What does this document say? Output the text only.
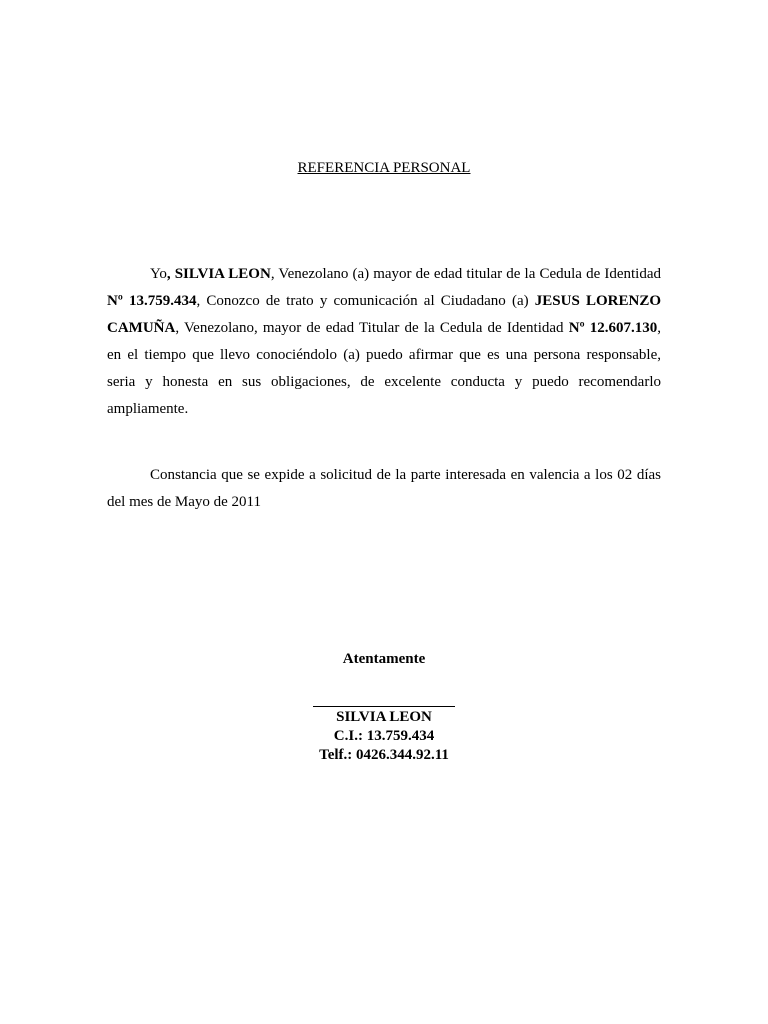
REFERENCIA PERSONAL

Yo, SILVIA LEON, Venezolano (a) mayor de edad titular de la Cedula de Identidad Nº 13.759.434, Conozco de trato y comunicación al Ciudadano (a) JESUS LORENZO CAMUÑA, Venezolano, mayor de edad Titular de la Cedula de Identidad Nº 12.607.130, en el tiempo que llevo conociéndolo (a) puedo afirmar que es una persona responsable, seria y honesta en sus obligaciones, de excelente conducta y puedo recomendarlo ampliamente.

Constancia que se expide a solicitud de la parte interesada en valencia a los 02 días del mes de Mayo de 2011

Atentamente
SILVIA LEON
C.I.: 13.759.434
Telf.: 0426.344.92.11
